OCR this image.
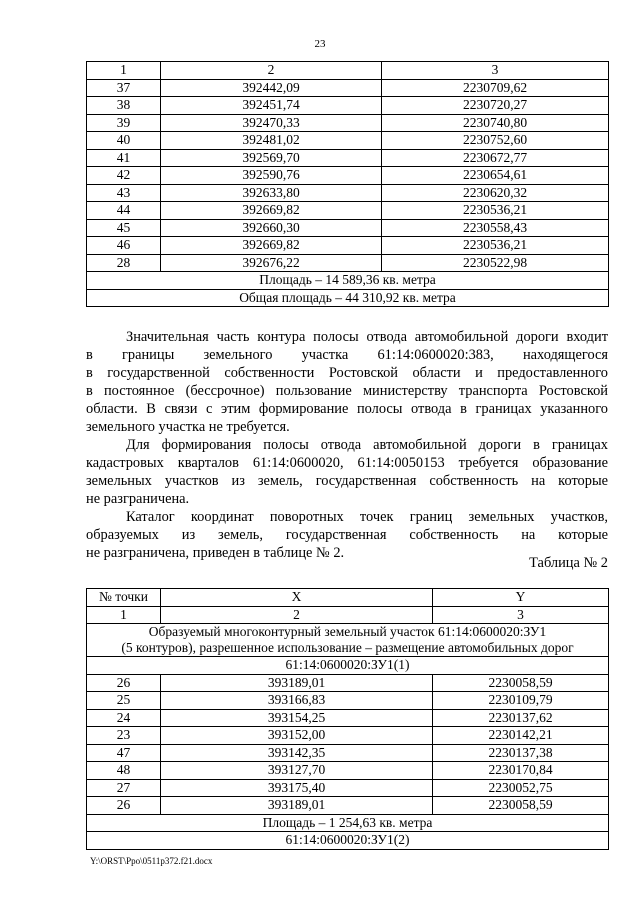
23
1	2	3
37	392442,09	2230709,62
38	392451,74	2230720,27
39	392470,33	2230740,80
40	392481,02	2230752,60
41	392569,70	2230672,77
42	392590,76	2230654,61
43	392633,80	2230620,32
44	392669,82	2230536,21
45	392660,30	2230558,43
46	392669,82	2230536,21
28	392676,22	2230522,98
Площадь – 14 589,36 кв. метра		
Общая площадь – 44 310,92 кв. метра		
Значительная часть контура полосы отвода автомобильной дороги входит
в границы земельного участка 61:14:0600020:383, находящегося
в государственной собственности Ростовской области и предоставленного
в постоянное (бессрочное) пользование министерству транспорта Ростовской
области. В связи с этим формирование полосы отвода в границах указанного
земельного участка не требуется.
Для формирования полосы отвода автомобильной дороги в границах
кадастровых кварталов 61:14:0600020, 61:14:0050153 требуется образование
земельных участков из земель, государственная собственность на которые
не разграничена.
Каталог координат поворотных точек границ земельных участков,
образуемых из земель, государственная собственность на которые
не разграничена, приведен в таблице № 2.
Таблица № 2
№ точки	X	Y
1	2	3

Образуемый многоконтурный земельный участок 61:14:0600020:ЗУ1
(5 контуров), разрешенное использование – размещение автомобильных дорог		

61:14:0600020:ЗУ1(1)		
26	393189,01	2230058,59
25	393166,83	2230109,79
24	393154,25	2230137,62
23	393152,00	2230142,21
47	393142,35	2230137,38
48	393127,70	2230170,84
27	393175,40	2230052,75
26	393189,01	2230058,59
Площадь – 1 254,63 кв. метра		
61:14:0600020:ЗУ1(2)		
Y:\ORST\Ppo\0511p372.f21.docx
